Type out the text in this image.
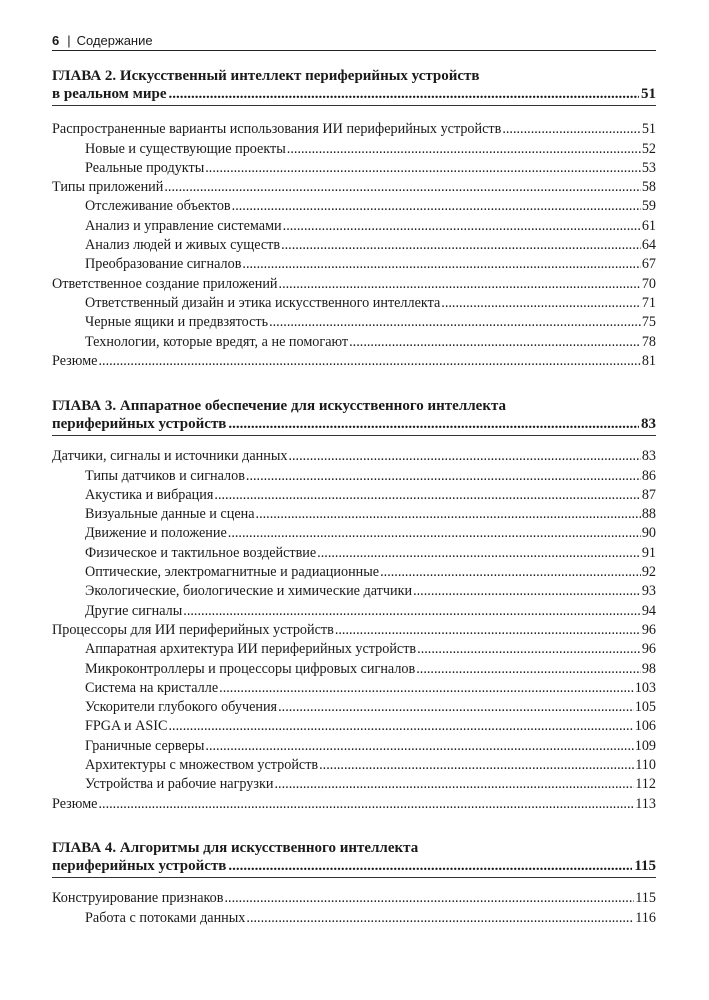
6 | Содержание
ГЛАВА 2. Искусственный интеллект периферийных устройств
в реальном мире .....	51
Распространенные варианты использования ИИ периферийных устройств .....	51
Новые и существующие проекты .....	52
Реальные продукты .....	53
Типы приложений .....	58
Отслеживание объектов .....	59
Анализ и управление системами .....	61
Анализ людей и живых существ .....	64
Преобразование сигналов .....	67
Ответственное создание приложений .....	70
Ответственный дизайн и этика искусственного интеллекта .....	71
Черные ящики и предвзятость .....	75
Технологии, которые вредят, а не помогают .....	78
Резюме .....	81
ГЛАВА 3. Аппаратное обеспечение для искусственного интеллекта
периферийных устройств .....	83
Датчики, сигналы и источники данных .....	83
Типы датчиков и сигналов .....	86
Акустика и вибрация .....	87
Визуальные данные и сцена .....	88
Движение и положение .....	90
Физическое и тактильное воздействие .....	91
Оптические, электромагнитные и радиационные .....	92
Экологические, биологические и химические датчики .....	93
Другие сигналы .....	94
Процессоры для ИИ периферийных устройств .....	96
Аппаратная архитектура ИИ периферийных устройств .....	96
Микроконтроллеры и процессоры цифровых сигналов .....	98
Система на кристалле .....	103
Ускорители глубокого обучения .....	105
FPGA и ASIC .....	106
Граничные серверы .....	109
Архитектуры с множеством устройств .....	110
Устройства и рабочие нагрузки .....	112
Резюме .....	113
ГЛАВА 4. Алгоритмы для искусственного интеллекта
периферийных устройств .....	115
Конструирование признаков .....	115
Работа с потоками данных .....	116
